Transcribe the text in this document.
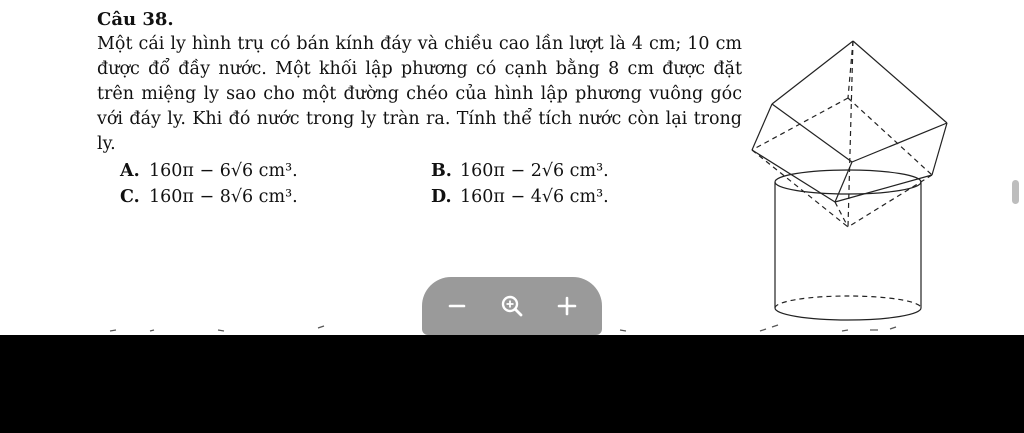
Câu 38.

Một cái ly hình trụ có bán kính đáy và chiều cao lần lượt là 4 cm; 10 cm được đổ đầy nước. Một khối lập phương có cạnh bằng 8 cm được đặt trên miệng ly sao cho một đường chéo của hình lập phương vuông góc với đáy ly. Khi đó nước trong ly tràn ra. Tính thể tích nước còn lại trong ly.

A. 160π − 6√6 cm³.	B. 160π − 2√6 cm³.
C. 160π − 8√6 cm³.	D. 160π − 4√6 cm³.
